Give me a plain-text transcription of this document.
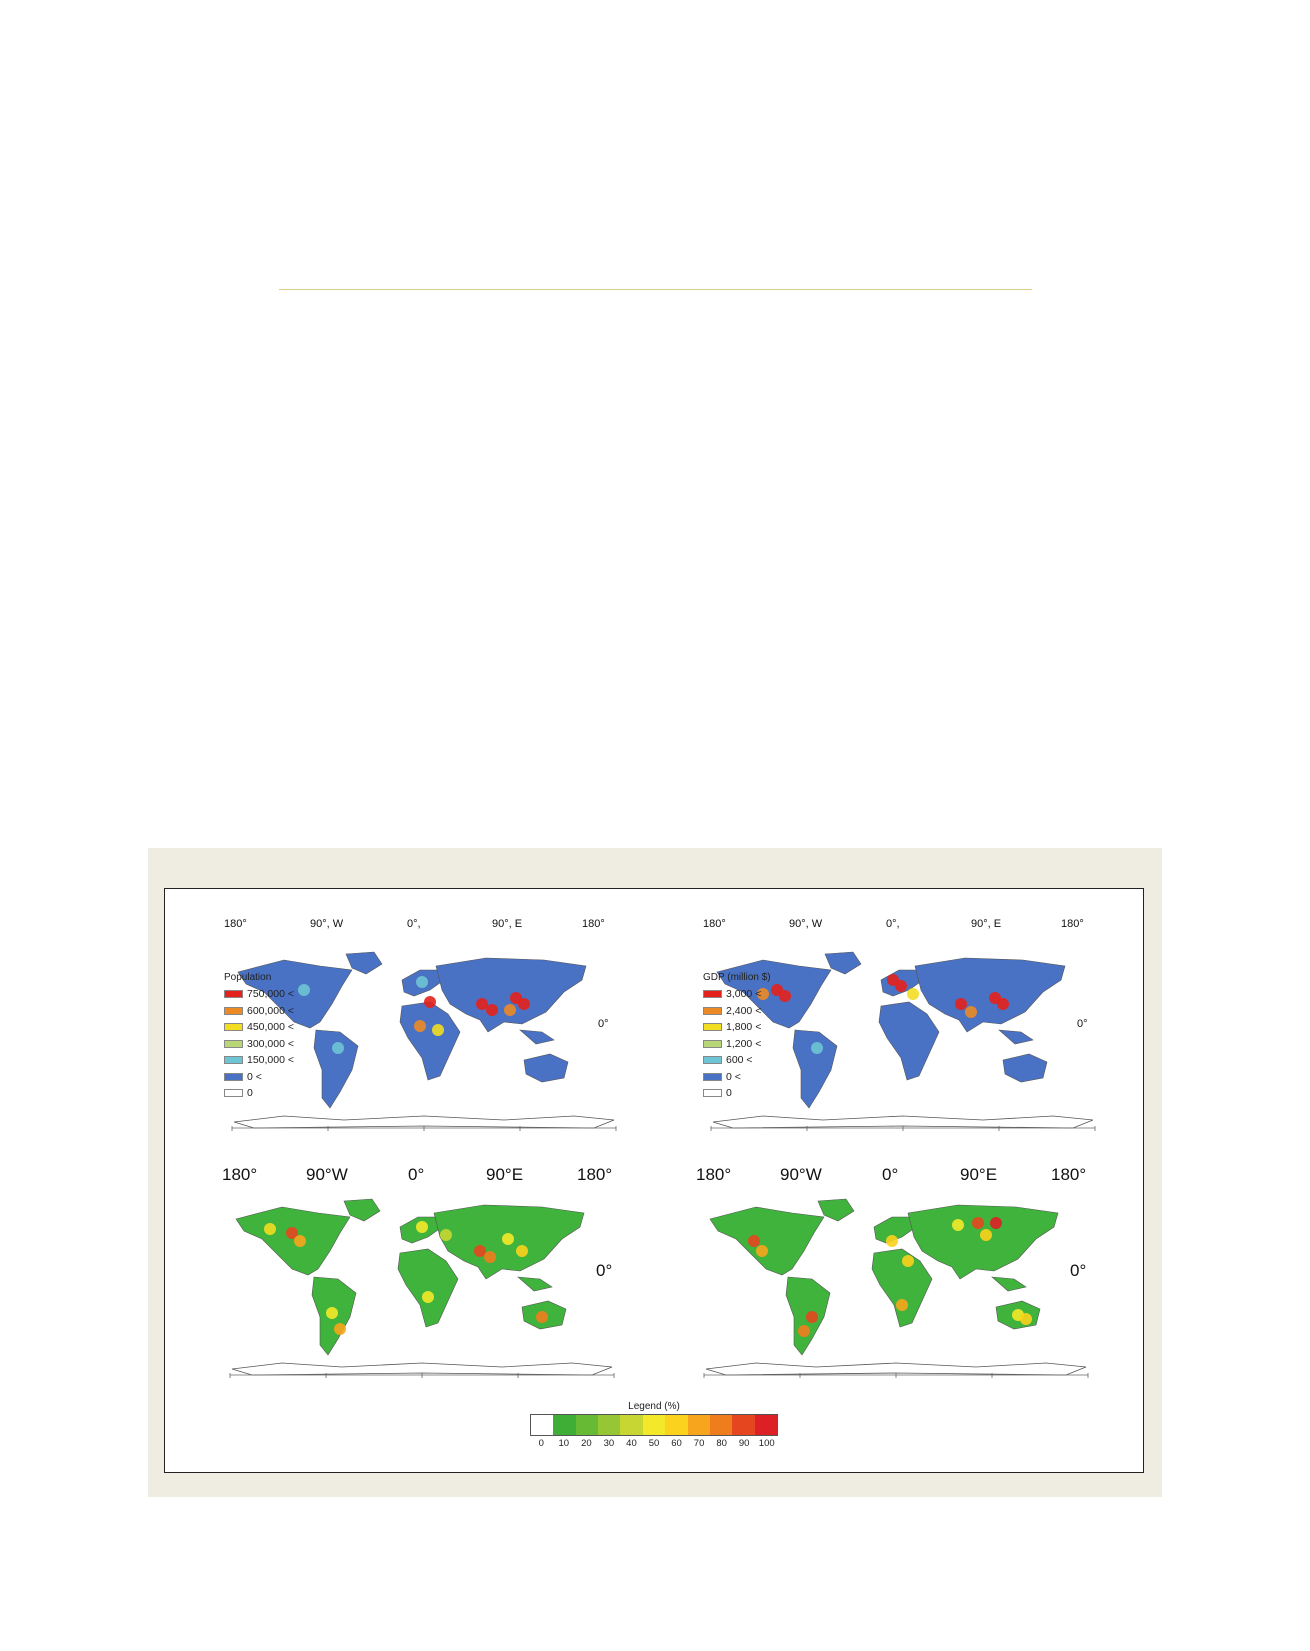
180°	90°, W	0°,	90°, E	180°
0°
Population
750,000 <
600,000 <
450,000 <
300,000 <
150,000 <
0 <
0
180°	90°, W	0°,	90°, E	180°
0°
GDP (million $)
3,000 <
2,400 <
1,800 <
1,200 <
600 <
0 <
0
180°	90°W	0°	90°E	180°
0°
180°	90°W	0°	90°E	180°
0°
Legend (%)
0 10 20 30 40 50 60 70 80 90 100
